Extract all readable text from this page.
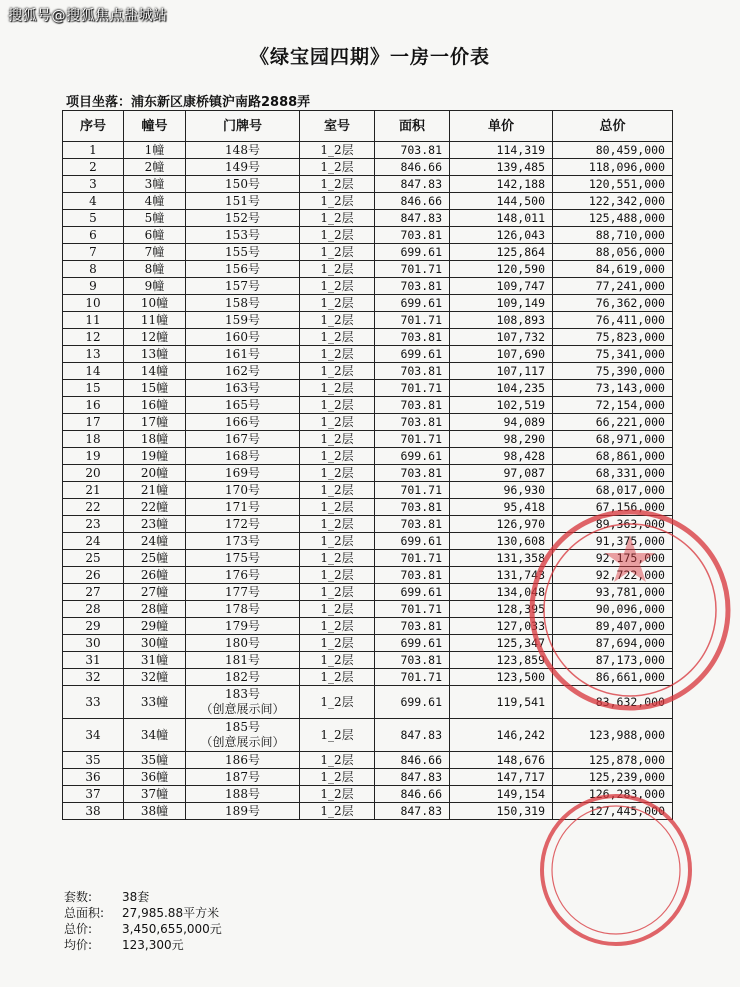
搜狐号@搜狐焦点盐城站
《绿宝园四期》一房一价表
项目坐落：浦东新区康桥镇沪南路2888弄
序号	幢号	门牌号	室号	面积	单价	总价
1	1幢	148号	1_2层	703.81	114,319	80,459,000
2	2幢	149号	1_2层	846.66	139,485	118,096,000
3	3幢	150号	1_2层	847.83	142,188	120,551,000
4	4幢	151号	1_2层	846.66	144,500	122,342,000
5	5幢	152号	1_2层	847.83	148,011	125,488,000
6	6幢	153号	1_2层	703.81	126,043	88,710,000
7	7幢	155号	1_2层	699.61	125,864	88,056,000
8	8幢	156号	1_2层	701.71	120,590	84,619,000
9	9幢	157号	1_2层	703.81	109,747	77,241,000
10	10幢	158号	1_2层	699.61	109,149	76,362,000
11	11幢	159号	1_2层	701.71	108,893	76,411,000
12	12幢	160号	1_2层	703.81	107,732	75,823,000
13	13幢	161号	1_2层	699.61	107,690	75,341,000
14	14幢	162号	1_2层	703.81	107,117	75,390,000
15	15幢	163号	1_2层	701.71	104,235	73,143,000
16	16幢	165号	1_2层	703.81	102,519	72,154,000
17	17幢	166号	1_2层	703.81	94,089	66,221,000
18	18幢	167号	1_2层	701.71	98,290	68,971,000
19	19幢	168号	1_2层	699.61	98,428	68,861,000
20	20幢	169号	1_2层	703.81	97,087	68,331,000
21	21幢	170号	1_2层	701.71	96,930	68,017,000
22	22幢	171号	1_2层	703.81	95,418	67,156,000
23	23幢	172号	1_2层	703.81	126,970	89,363,000
24	24幢	173号	1_2层	699.61	130,608	91,375,000
25	25幢	175号	1_2层	701.71	131,358	92,175,000
26	26幢	176号	1_2层	703.81	131,743	92,722,000
27	27幢	177号	1_2层	699.61	134,048	93,781,000
28	28幢	178号	1_2层	701.71	128,395	90,096,000
29	29幢	179号	1_2层	703.81	127,033	89,407,000
30	30幢	180号	1_2层	699.61	125,347	87,694,000
31	31幢	181号	1_2层	703.81	123,859	87,173,000
32	32幢	182号	1_2层	701.71	123,500	86,661,000
33	33幢	183号
（创意展示间）	1_2层	699.61	119,541	83,632,000
34	34幢	185号
（创意展示间）	1_2层	847.83	146,242	123,988,000
35	35幢	186号	1_2层	846.66	148,676	125,878,000
36	36幢	187号	1_2层	847.83	147,717	125,239,000
37	37幢	188号	1_2层	846.66	149,154	126,283,000
38	38幢	189号	1_2层	847.83	150,319	127,445,000
套数: 38套
总面积: 27,985.88平方米
总价: 3,450,655,000元
均价: 123,300元
